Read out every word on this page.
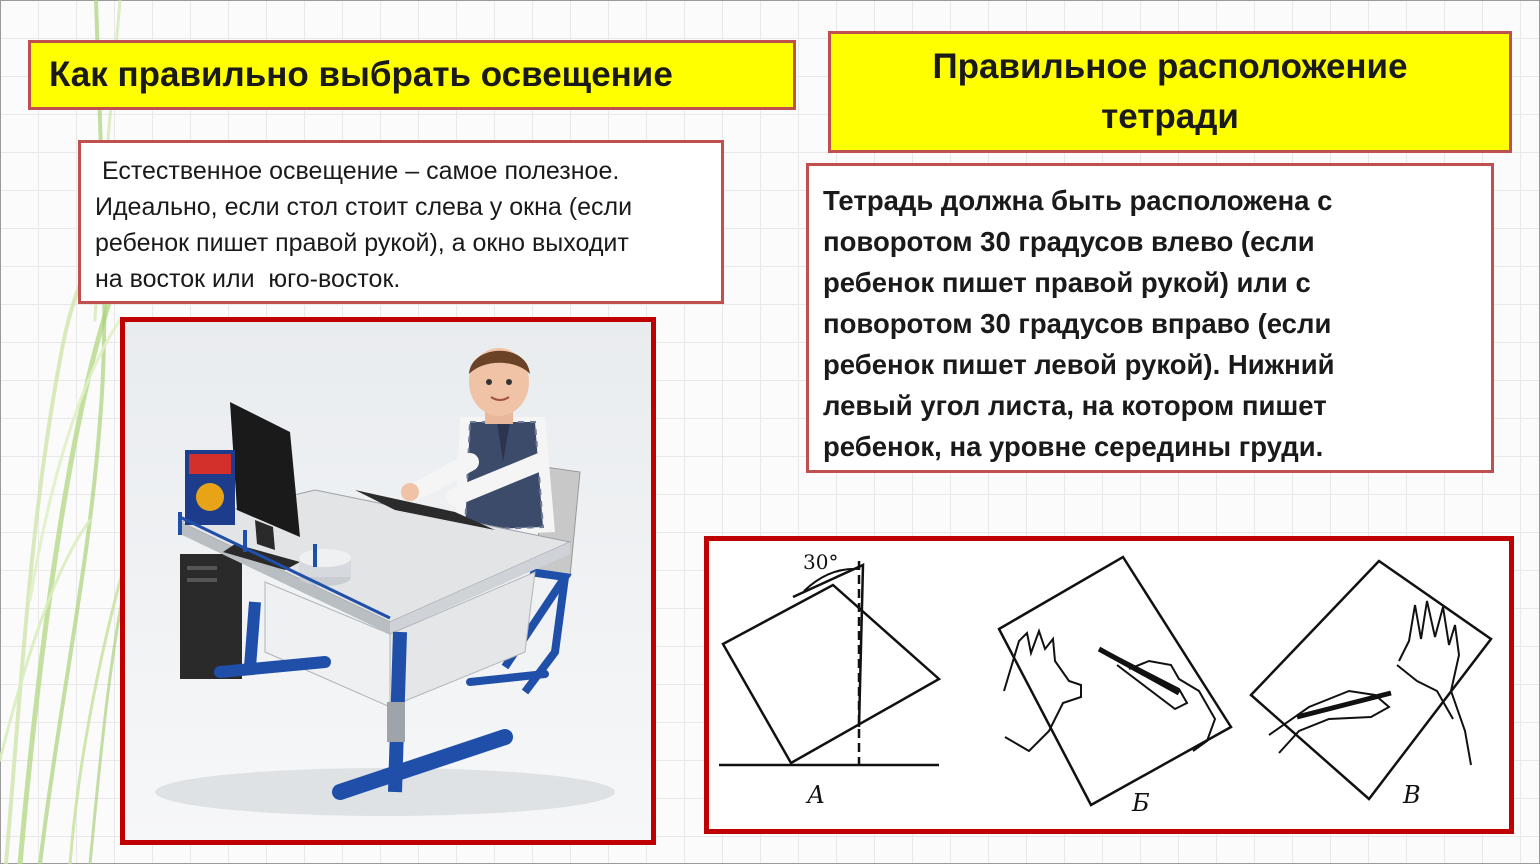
Как правильно выбрать освещение	Правильное расположение
тетради
Естественное освещение – самое полезное.
Идеально, если стол стоит слева у окна (если
ребенок пишет правой рукой), а окно выходит
на восток или  юго-восток.
Тетрадь должна быть расположена с
поворотом 30 градусов влево (если
ребенок пишет правой рукой) или с
поворотом 30 градусов вправо (если
ребенок пишет левой рукой). Нижний
левый угол листа, на котором пишет
ребенок, на уровне середины груди.
30°
А	Б	В
